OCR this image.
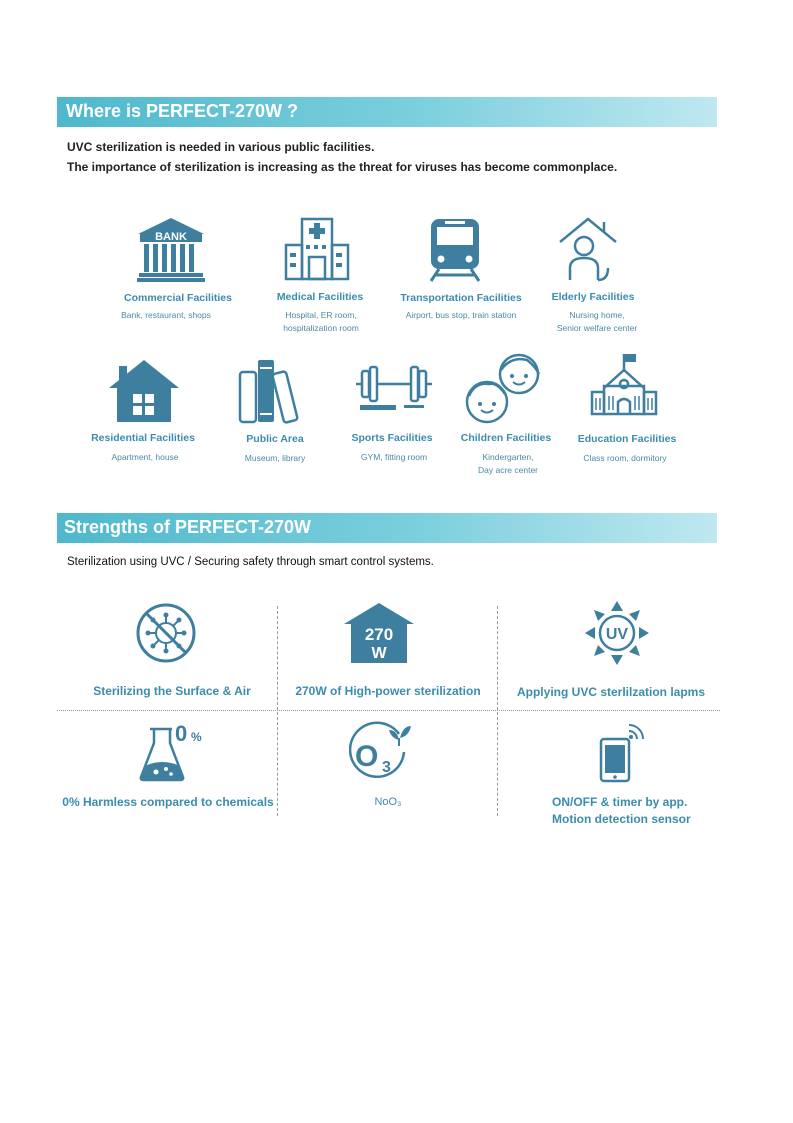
Where is PERFECT-270W ?
UVC sterilization is needed in various public facilities.
The importance of sterilization is increasing as the threat for viruses has become commonplace.
BANK
Commercial Facilities
Bank, restaurant, shops
Medical Facilities
Hospital, ER room,
hospitalization room
Transportation Facilities
Airport, bus stop, train station
Elderly Facilities
Nursing home,
Senior welfare center
Residential Facilities
Apartment, house
Public Area
Museum, library
Sports Facilities
GYM, fitting room
Children Facilities
Kindergarten,
Day acre center
Education Facilities
Class room, dormitory
Strengths of PERFECT-270W
Sterilization using UVC / Securing safety through smart control systems.
Sterilizing the Surface & Air
270
W
270W of High-power sterilization
UV
Applying UVC sterlilzation lapms
0 %
0% Harmless compared to chemicals
O 3
NoO₃	ON/OFF & timer by app.
Motion detection sensor
